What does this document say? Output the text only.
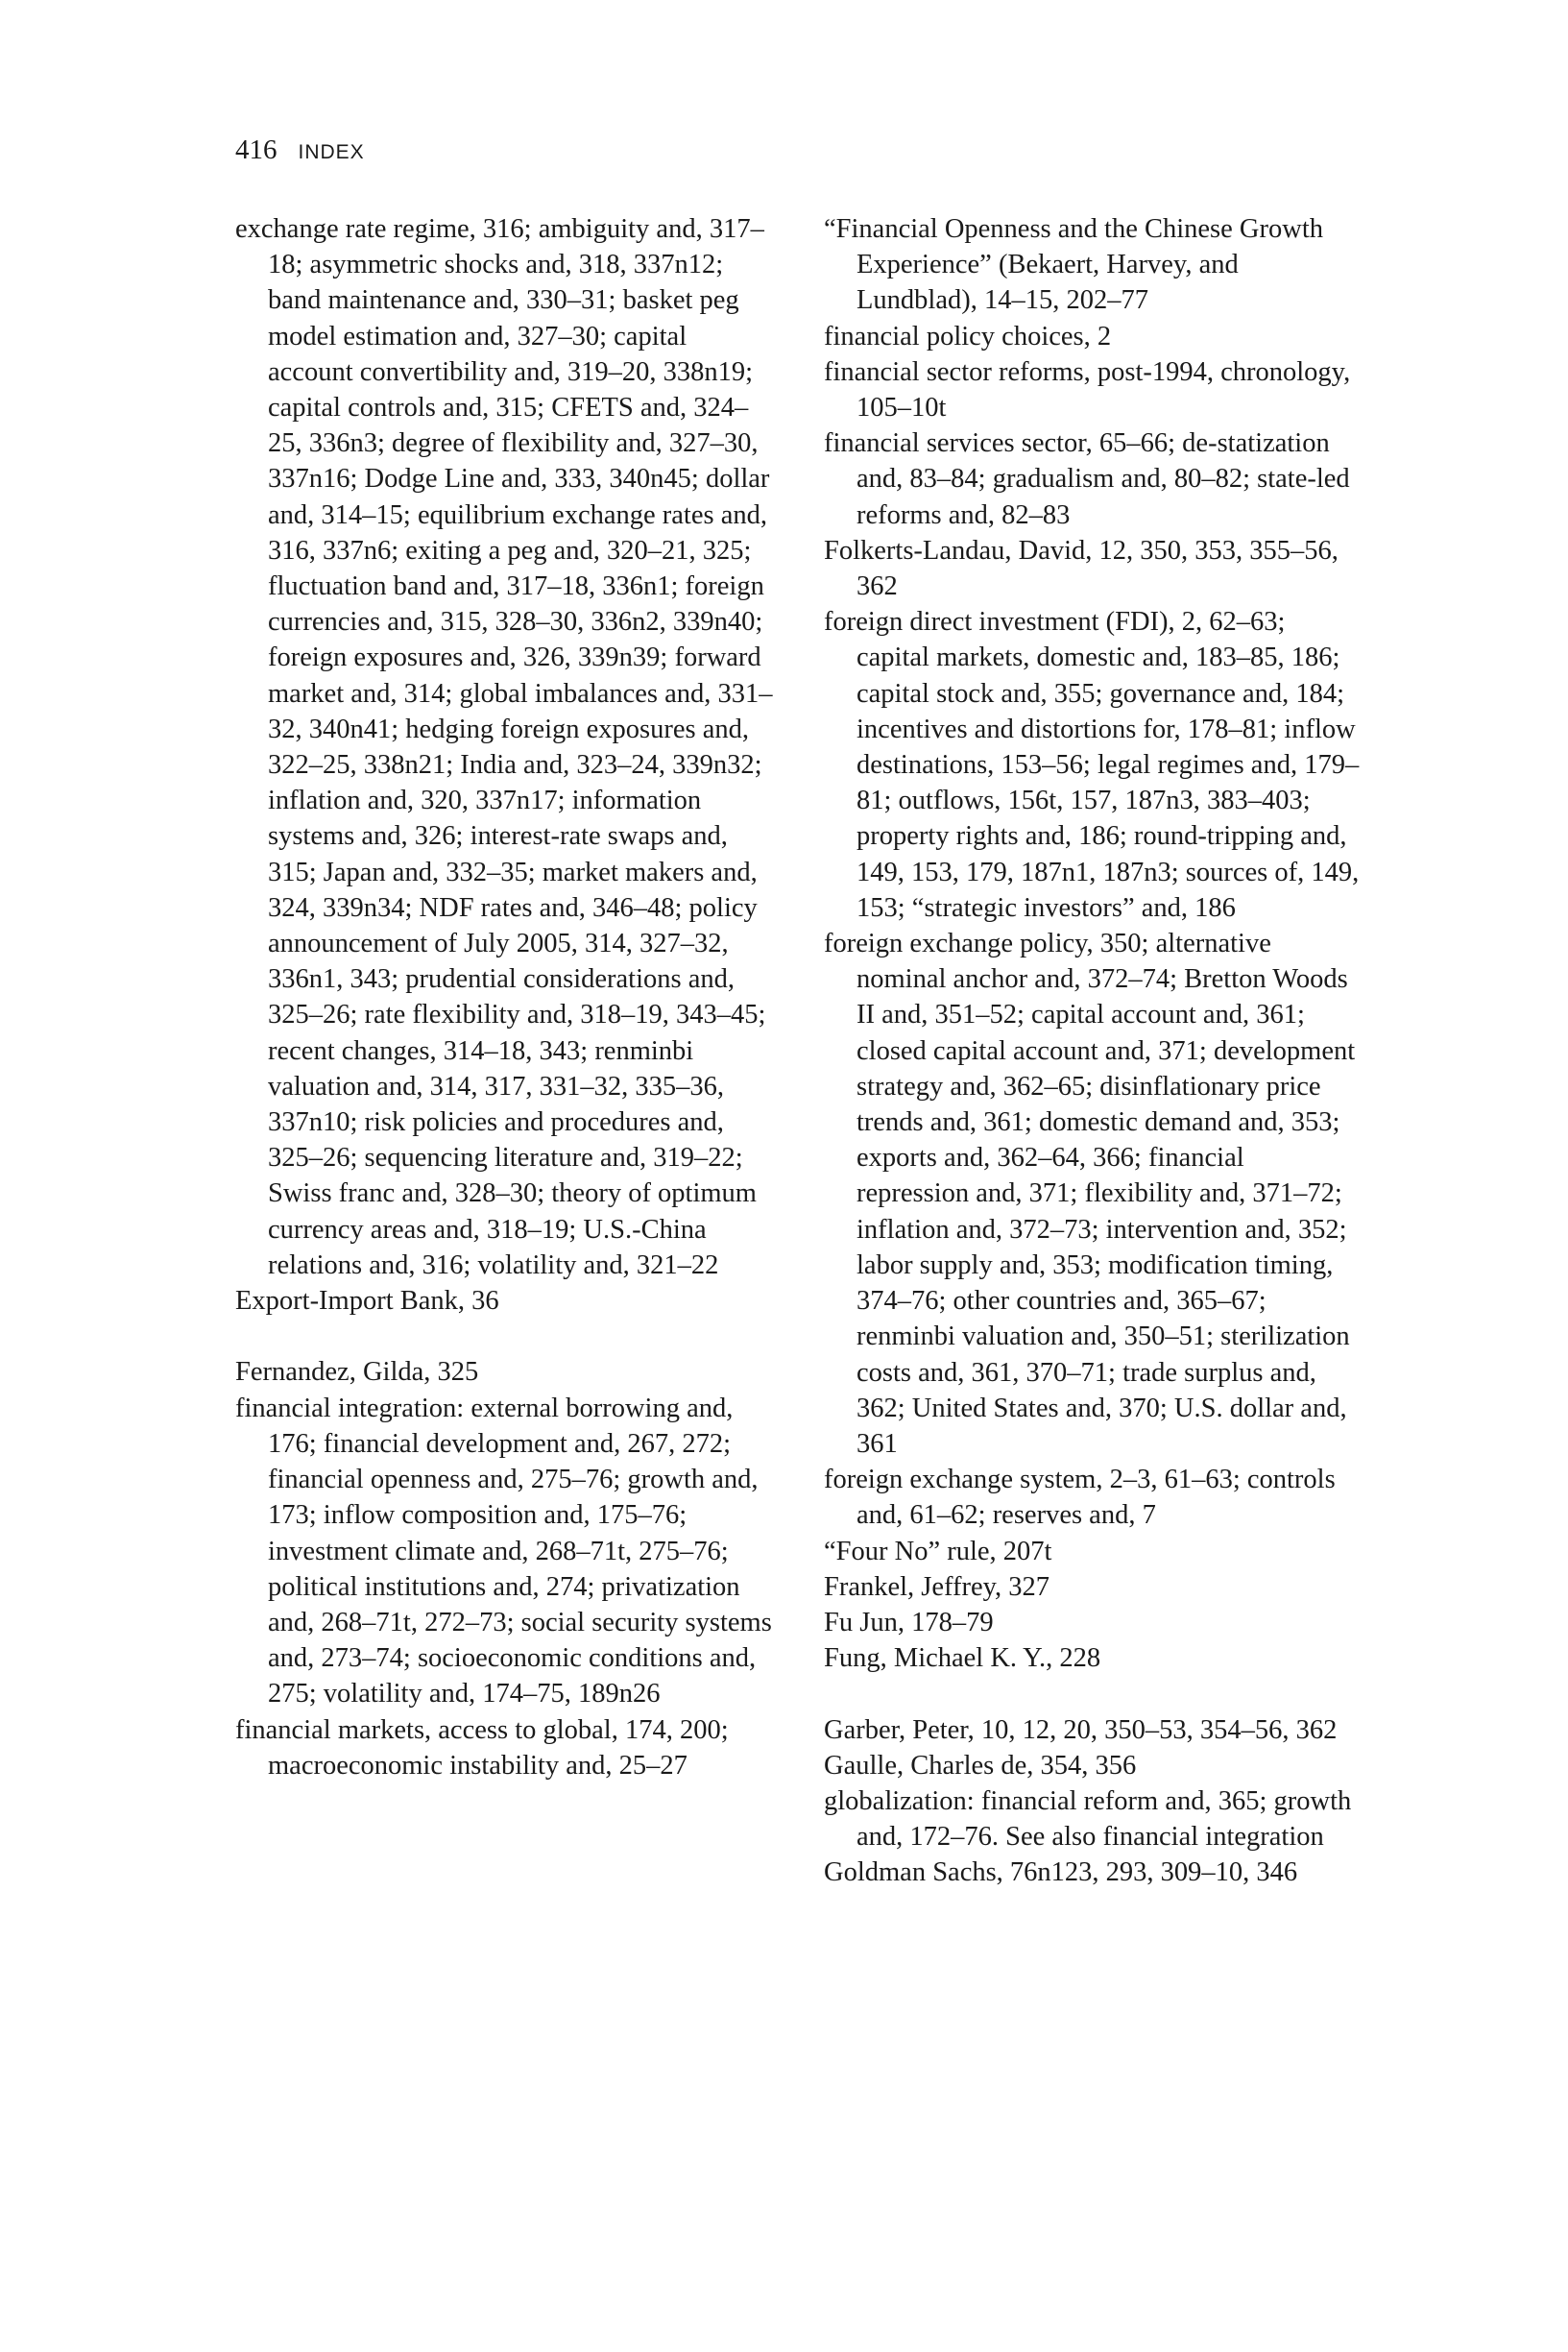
416 INDEX

exchange rate regime, 316; ambiguity and, 317–18; asymmetric shocks and, 318, 337n12; band maintenance and, 330–31; basket peg model estimation and, 327–30; capital account convertibility and, 319–20, 338n19; capital controls and, 315; CFETS and, 324–25, 336n3; degree of flexibility and, 327–30, 337n16; Dodge Line and, 333, 340n45; dollar and, 314–15; equilibrium exchange rates and, 316, 337n6; exiting a peg and, 320–21, 325; fluctuation band and, 317–18, 336n1; foreign currencies and, 315, 328–30, 336n2, 339n40; foreign exposures and, 326, 339n39; forward market and, 314; global imbalances and, 331–32, 340n41; hedging foreign exposures and, 322–25, 338n21; India and, 323–24, 339n32; inflation and, 320, 337n17; information systems and, 326; interest-rate swaps and, 315; Japan and, 332–35; market makers and, 324, 339n34; NDF rates and, 346–48; policy announcement of July 2005, 314, 327–32, 336n1, 343; prudential considerations and, 325–26; rate flexibility and, 318–19, 343–45; recent changes, 314–18, 343; renminbi valuation and, 314, 317, 331–32, 335–36, 337n10; risk policies and procedures and, 325–26; sequencing literature and, 319–22; Swiss franc and, 328–30; theory of optimum currency areas and, 318–19; U.S.-China relations and, 316; volatility and, 321–22

Export-Import Bank, 36

Fernandez, Gilda, 325

financial integration: external borrowing and, 176; financial development and, 267, 272; financial openness and, 275–76; growth and, 173; inflow composition and, 175–76; investment climate and, 268–71t, 275–76; political institutions and, 274; privatization and, 268–71t, 272–73; social security systems and, 273–74; socioeconomic conditions and, 275; volatility and, 174–75, 189n26

financial markets, access to global, 174, 200; macroeconomic instability and, 25–27

“Financial Openness and the Chinese Growth Experience” (Bekaert, Harvey, and Lundblad), 14–15, 202–77

financial policy choices, 2

financial sector reforms, post-1994, chronology, 105–10t

financial services sector, 65–66; de-statization and, 83–84; gradualism and, 80–82; state-led reforms and, 82–83

Folkerts-Landau, David, 12, 350, 353, 355–56, 362

foreign direct investment (FDI), 2, 62–63; capital markets, domestic and, 183–85, 186; capital stock and, 355; governance and, 184; incentives and distortions for, 178–81; inflow destinations, 153–56; legal regimes and, 179–81; outflows, 156t, 157, 187n3, 383–403; property rights and, 186; round-tripping and, 149, 153, 179, 187n1, 187n3; sources of, 149, 153; “strategic investors” and, 186

foreign exchange policy, 350; alternative nominal anchor and, 372–74; Bretton Woods II and, 351–52; capital account and, 361; closed capital account and, 371; development strategy and, 362–65; disinflationary price trends and, 361; domestic demand and, 353; exports and, 362–64, 366; financial repression and, 371; flexibility and, 371–72; inflation and, 372–73; intervention and, 352; labor supply and, 353; modification timing, 374–76; other countries and, 365–67; renminbi valuation and, 350–51; sterilization costs and, 361, 370–71; trade surplus and, 362; United States and, 370; U.S. dollar and, 361

foreign exchange system, 2–3, 61–63; controls and, 61–62; reserves and, 7

“Four No” rule, 207t

Frankel, Jeffrey, 327

Fu Jun, 178–79

Fung, Michael K. Y., 228

Garber, Peter, 10, 12, 20, 350–53, 354–56, 362

Gaulle, Charles de, 354, 356

globalization: financial reform and, 365; growth and, 172–76. See also financial integration

Goldman Sachs, 76n123, 293, 309–10, 346
